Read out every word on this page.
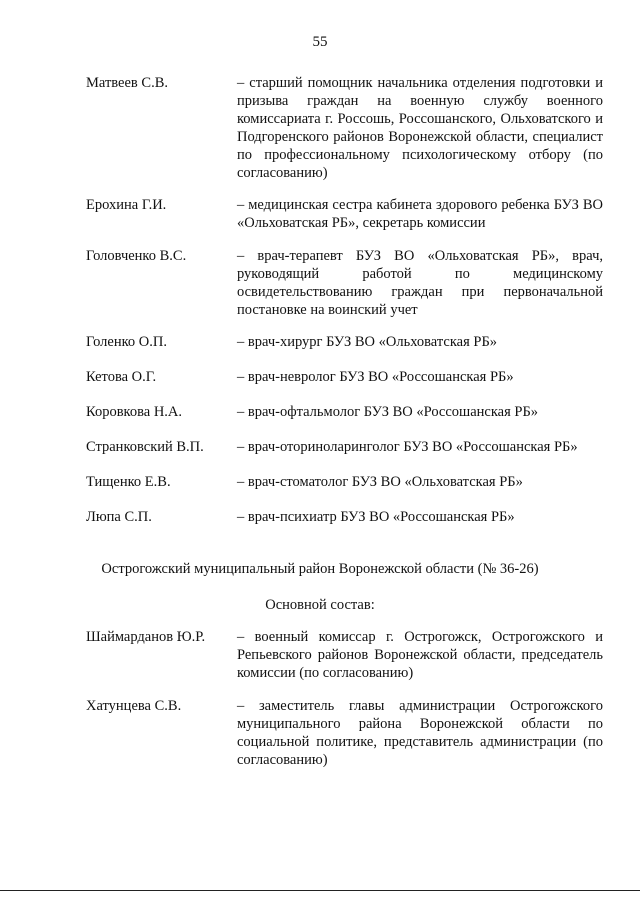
55
Матвеев С.В.	– старший помощник начальника отделения подготовки и призыва граждан на военную службу военного комиссариата г. Россошь, Россошанского, Ольховатского и Подгоренского районов Воронежской области, специалист по профессиональному психологическому отбору (по согласованию)
Ерохина Г.И.	– медицинская сестра кабинета здорового ребенка БУЗ ВО «Ольховатская РБ», секретарь комиссии
Головченко В.С.	– врач-терапевт БУЗ ВО «Ольховатская РБ», врач, руководящий работой по медицинскому освидетельствованию граждан при первоначальной постановке на воинский учет
Голенко О.П.	– врач-хирург БУЗ ВО «Ольховатская РБ»
Кетова О.Г.	– врач-невролог БУЗ ВО «Россошанская РБ»
Коровкова Н.А.	– врач-офтальмолог БУЗ ВО «Россошанская РБ»
Странковский В.П. – врач-оториноларинголог БУЗ ВО «Россошанская РБ»
Тищенко Е.В.	– врач-стоматолог БУЗ ВО «Ольховатская РБ»
Люпа С.П.	– врач-психиатр БУЗ ВО «Россошанская РБ»
Острогожский муниципальный район Воронежской области (№ 36-26)
Основной состав:
Шаймарданов Ю.Р. – военный комиссар г. Острогожск, Острогожского и Репьевского районов Воронежской области, председатель комиссии (по согласованию)
Хатунцева С.В.	– заместитель главы администрации Острогожского муниципального района Воронежской области по социальной политике, представитель администрации (по согласованию)
